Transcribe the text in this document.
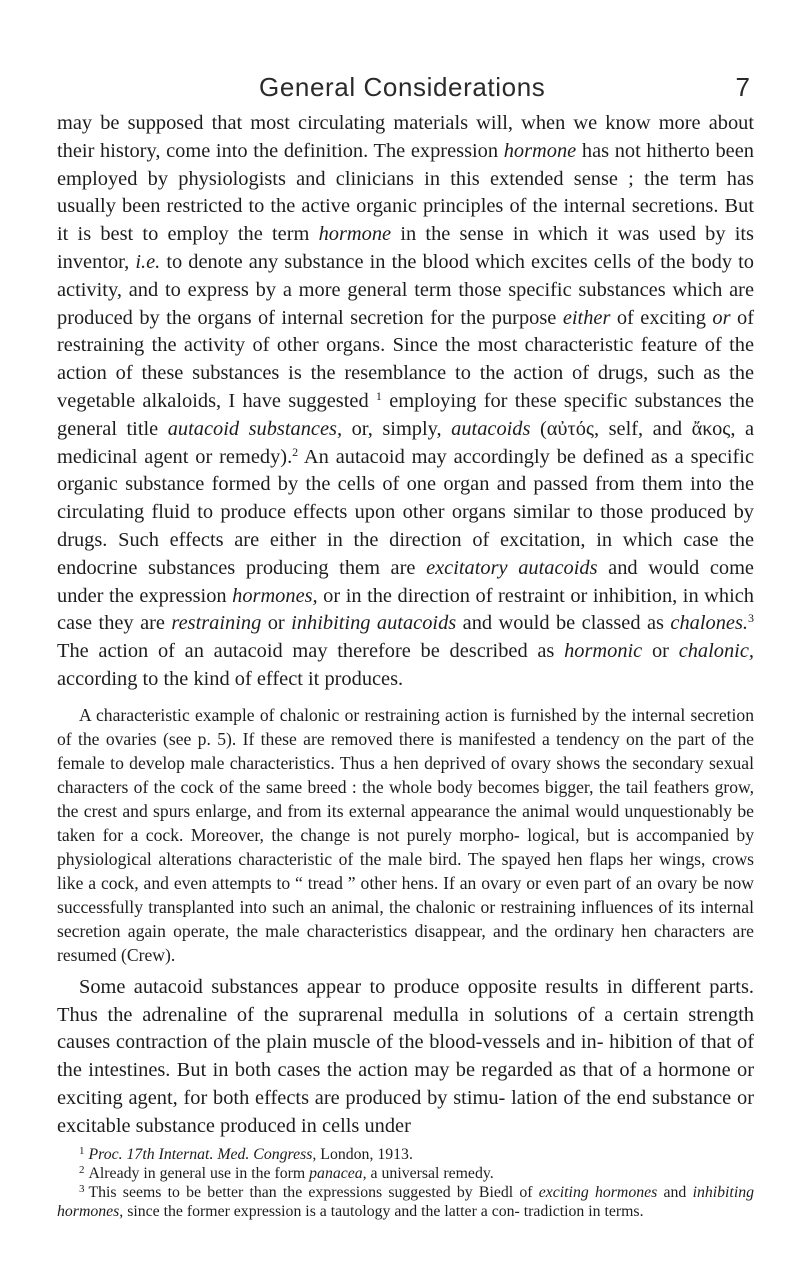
General Considerations	7

may be supposed that most circulating materials will, when we know more about their history, come into the definition. The expression hormone has not hitherto been employed by physiologists and clinicians in this extended sense ; the term has usually been restricted to the active organic principles of the internal secretions. But it is best to employ the term hormone in the sense in which it was used by its inventor, i.e. to denote any substance in the blood which excites cells of the body to activity, and to express by a more general term those specific substances which are produced by the organs of internal secretion for the purpose either of exciting or of restraining the activity of other organs. Since the most characteristic feature of the action of these substances is the resemblance to the action of drugs, such as the vegetable alkaloids, I have suggested $^1$ employing for these specific substances the general title autacoid substances, or, simply, autacoids (αὐτός, self, and ἄκος, a medicinal agent or remedy).$^2$ An autacoid may accordingly be defined as a specific organic substance formed by the cells of one organ and passed from them into the circulating fluid to produce effects upon other organs similar to those produced by drugs. Such effects are either in the direction of excitation, in which case the endocrine substances producing them are excitatory autacoids and would come under the expression hormones, or in the direction of restraint or inhibition, in which case they are restraining or inhibiting autacoids and would be classed as chalones.$^3$ The action of an autacoid may therefore be described as hormonic or chalonic, according to the kind of effect it produces.

A characteristic example of chalonic or restraining action is furnished by the internal secretion of the ovaries (see p. 5). If these are removed there is manifested a tendency on the part of the female to develop male characteristics. Thus a hen deprived of ovary shows the secondary sexual characters of the cock of the same breed : the whole body becomes bigger, the tail feathers grow, the crest and spurs enlarge, and from its external appearance the animal would unquestionably be taken for a cock. Moreover, the change is not purely morpho- logical, but is accompanied by physiological alterations characteristic of the male bird. The spayed hen flaps her wings, crows like a cock, and even attempts to “ tread ” other hens. If an ovary or even part of an ovary be now successfully transplanted into such an animal, the chalonic or restraining influences of its internal secretion again operate, the male characteristics disappear, and the ordinary hen characters are resumed (Crew).

Some autacoid substances appear to produce opposite results in different parts. Thus the adrenaline of the suprarenal medulla in solutions of a certain strength causes contraction of the plain muscle of the blood-vessels and in- hibition of that of the intestines. But in both cases the action may be regarded as that of a hormone or exciting agent, for both effects are produced by stimu- lation of the end substance or excitable substance produced in cells under

$^1$ Proc. 17th Internat. Med. Congress, London, 1913.
$^2$ Already in general use in the form panacea, a universal remedy.
$^3$ This seems to be better than the expressions suggested by Biedl of exciting hormones and inhibiting hormones, since the former expression is a tautology and the latter a con- tradiction in terms.
